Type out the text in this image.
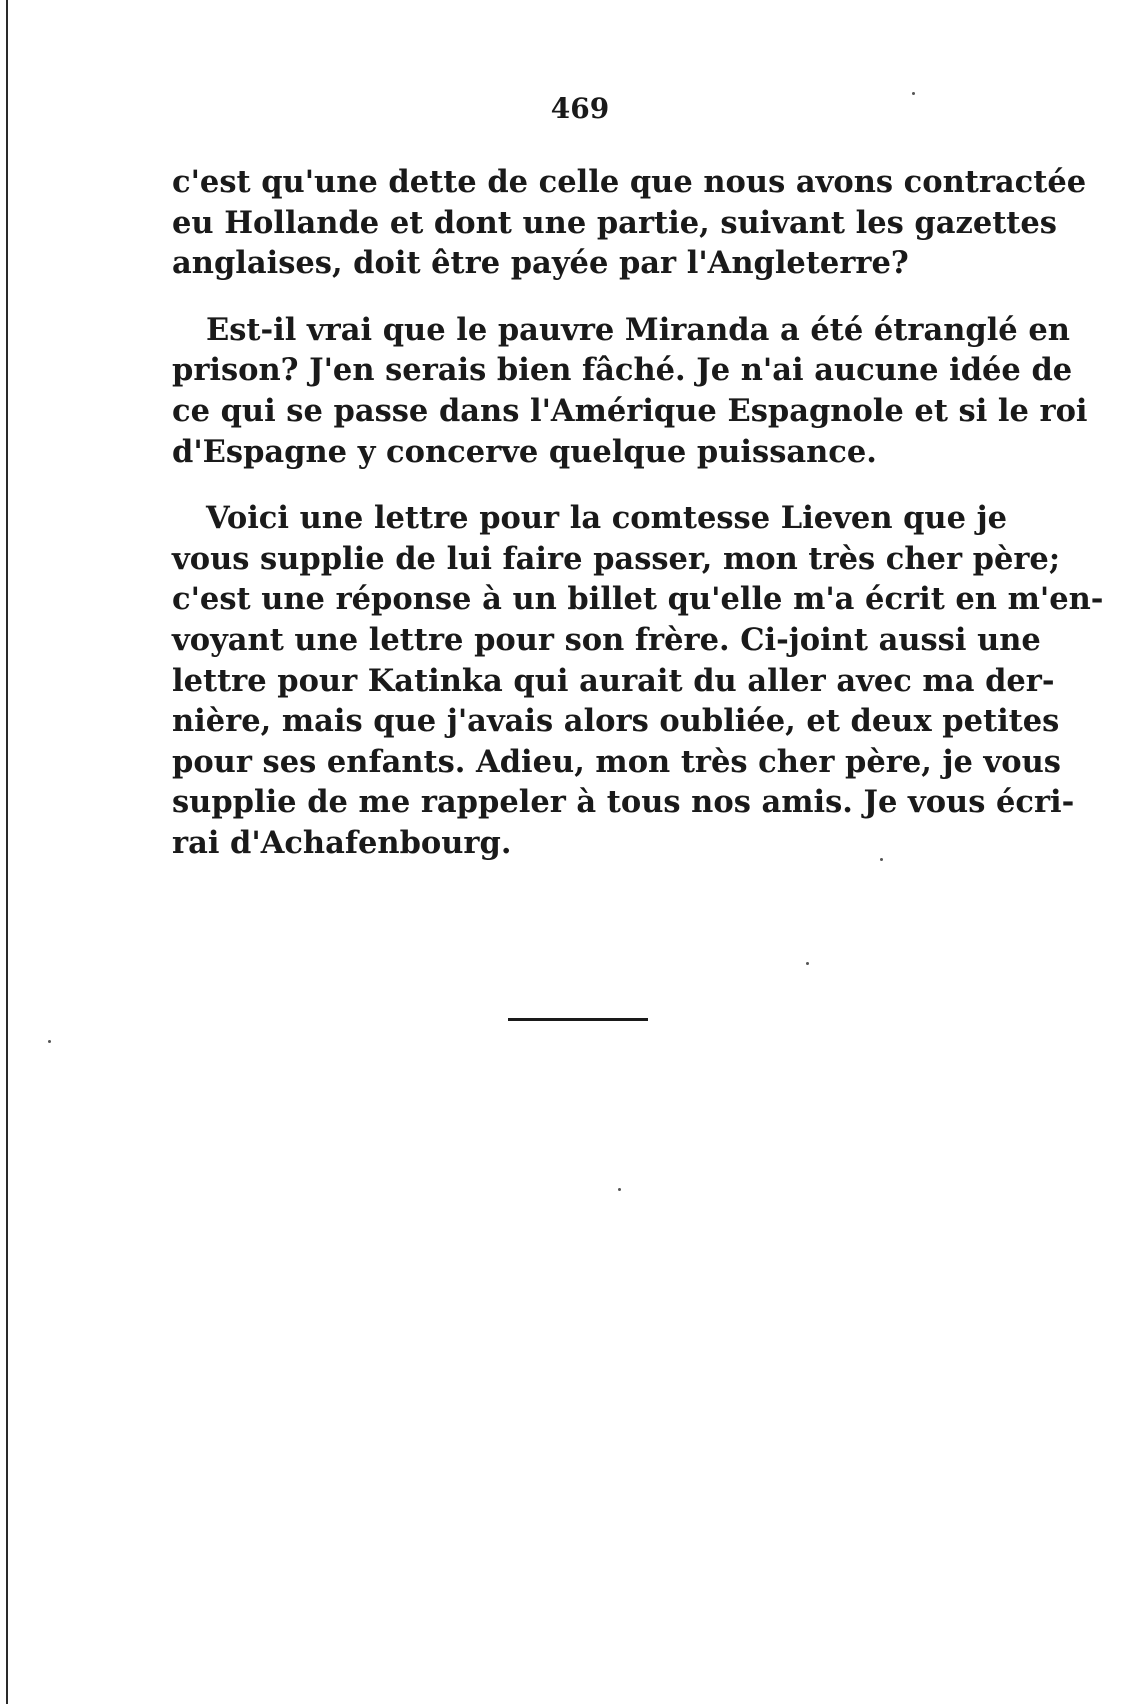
469
c'est qu'une dette de celle que nous avons contractée
eu Hollande et dont une partie, suivant les gazettes
anglaises, doit être payée par l'Angleterre?
Est-il vrai que le pauvre Miranda a été étranglé en
prison? J'en serais bien fâché. Je n'ai aucune idée de
ce qui se passe dans l'Amérique Espagnole et si le roi
d'Espagne y concerve quelque puissance.
Voici une lettre pour la comtesse Lieven que je
vous supplie de lui faire passer, mon très cher père;
c'est une réponse à un billet qu'elle m'a écrit en m'en-
voyant une lettre pour son frère. Ci-joint aussi une
lettre pour Katinka qui aurait du aller avec ma der-
nière, mais que j'avais alors oubliée, et deux petites
pour ses enfants. Adieu, mon très cher père, je vous
supplie de me rappeler à tous nos amis. Je vous écri-
rai d'Achafenbourg.
